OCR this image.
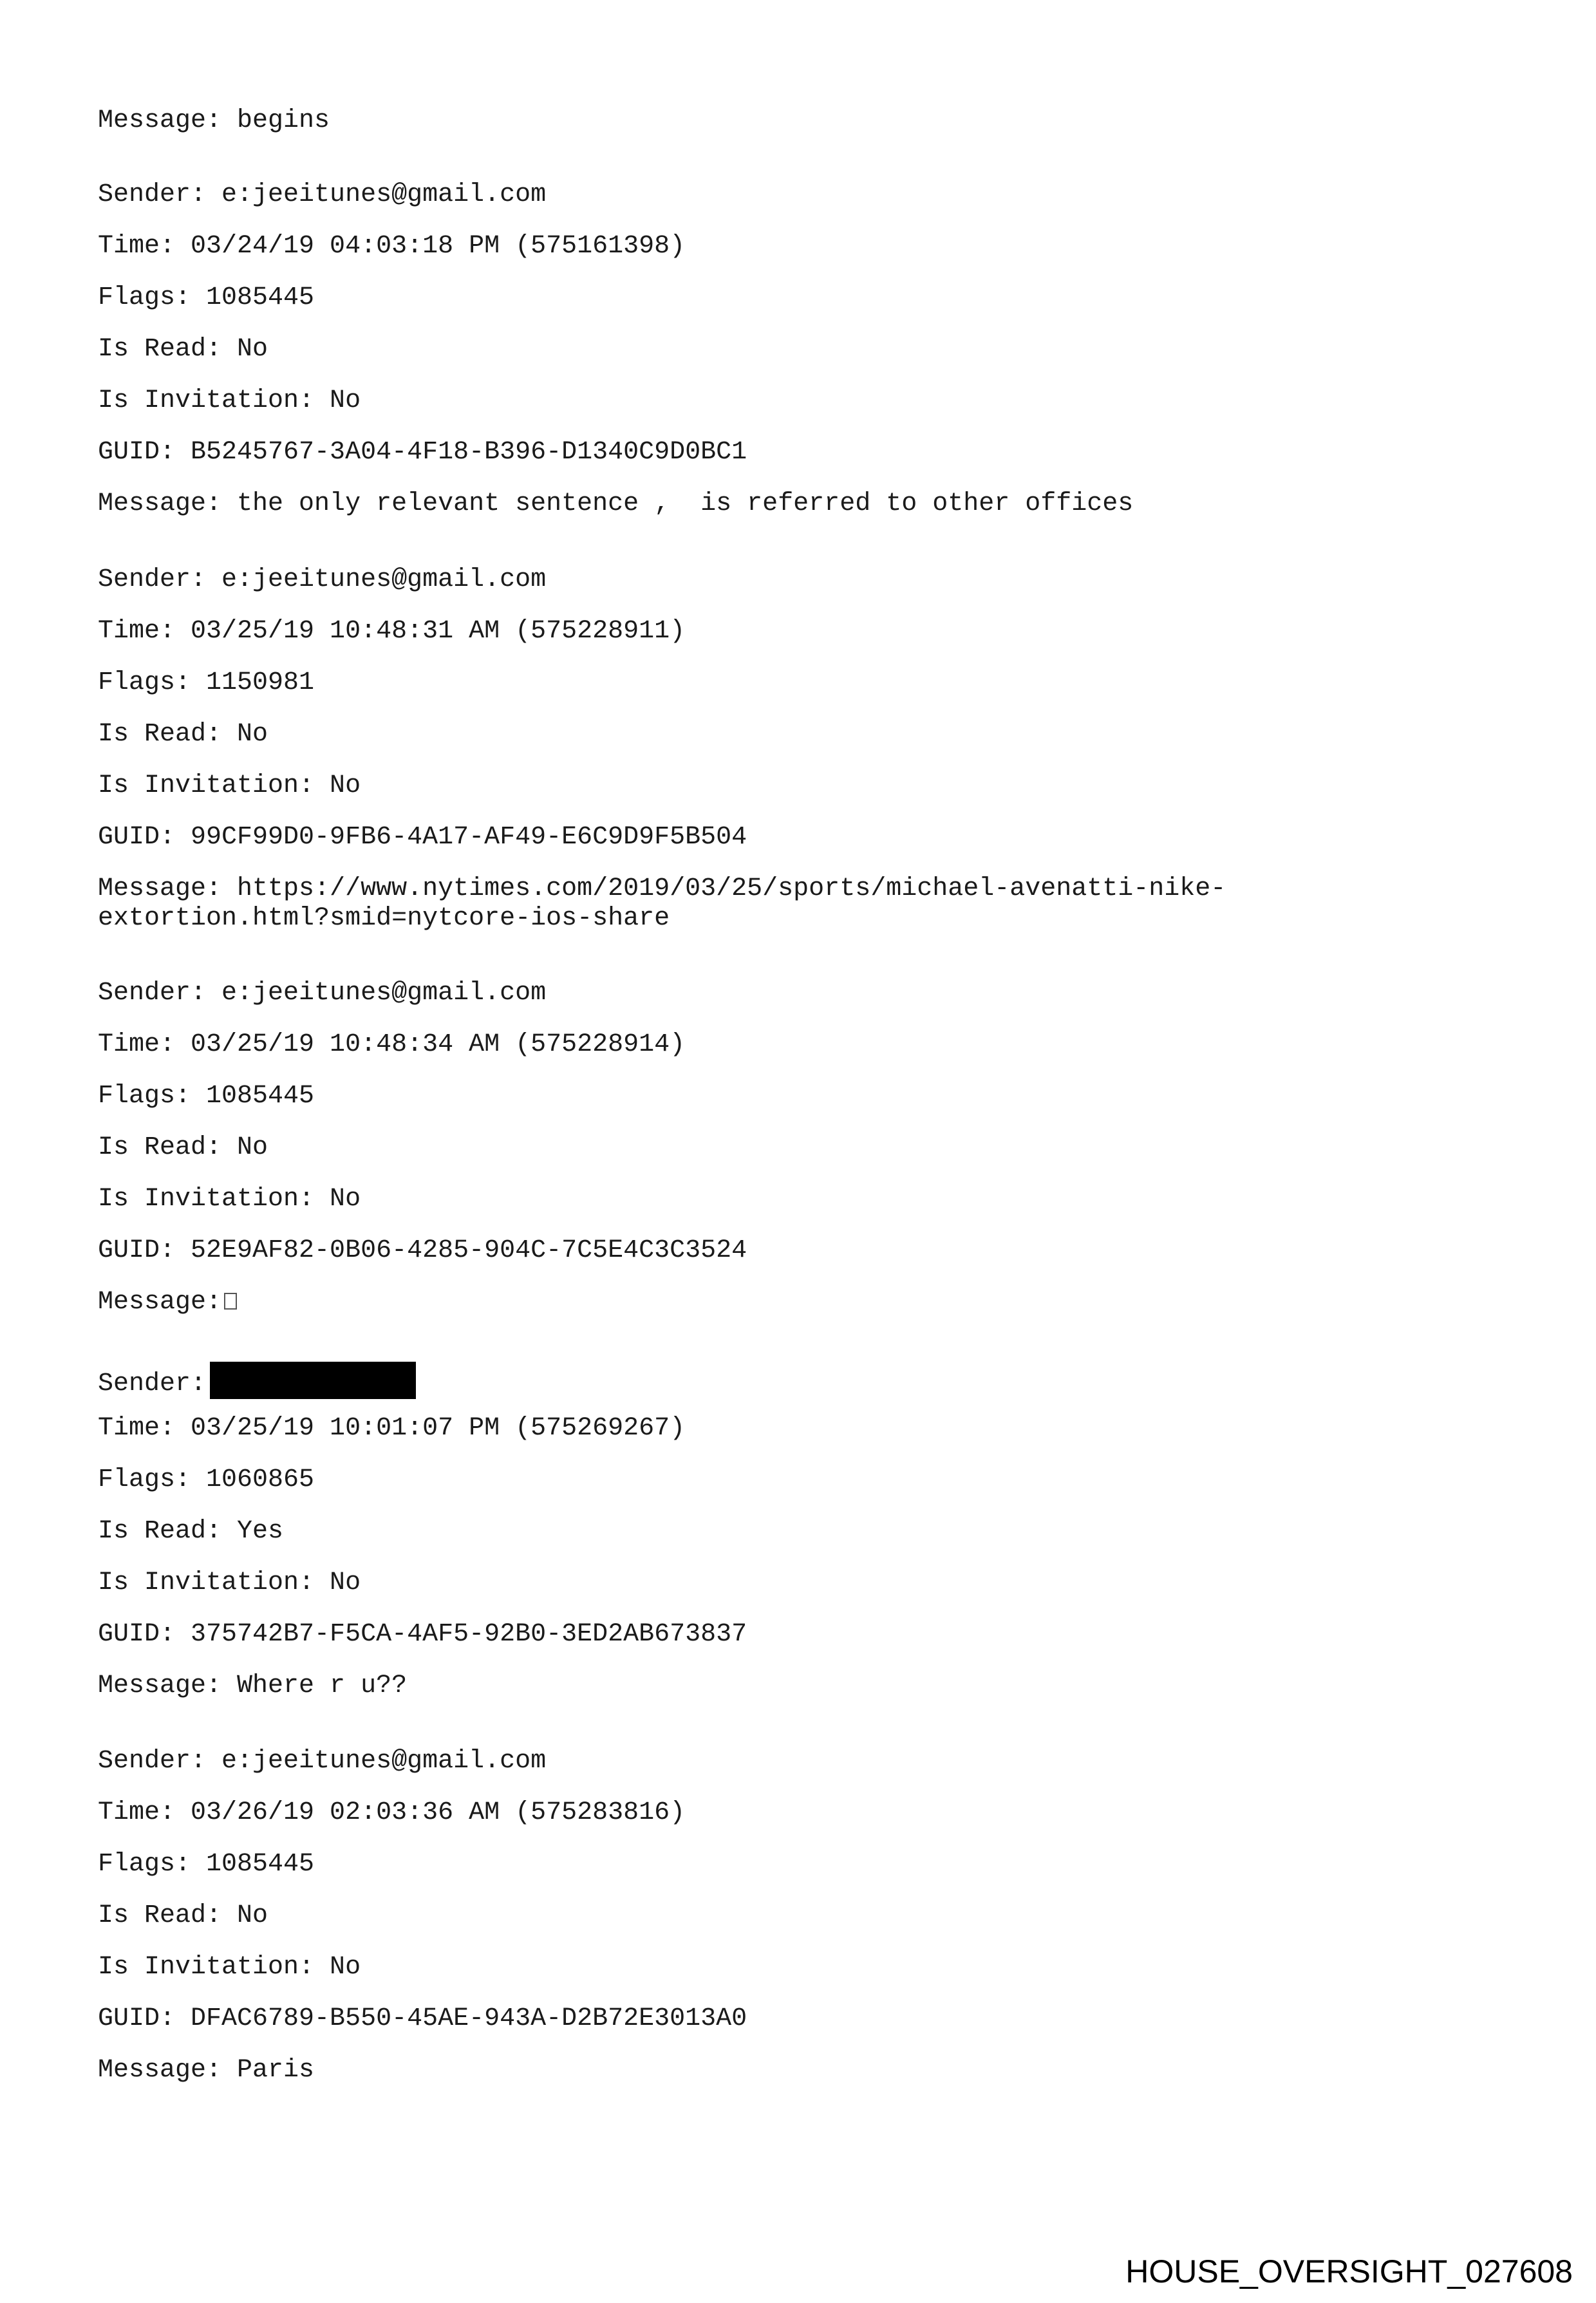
Message: begins

Sender: e:jeeitunes@gmail.com

Time: 03/24/19 04:03:18 PM (575161398)

Flags: 1085445

Is Read: No

Is Invitation: No

GUID: B5245767-3A04-4F18-B396-D1340C9D0BC1

Message: the only relevant sentence ,  is referred to other offices

Sender: e:jeeitunes@gmail.com

Time: 03/25/19 10:48:31 AM (575228911)

Flags: 1150981

Is Read: No

Is Invitation: No

GUID: 99CF99D0-9FB6-4A17-AF49-E6C9D9F5B504

Message: https://www.nytimes.com/2019/03/25/sports/michael-avenatti-nike-

extortion.html?smid=nytcore-ios-share

Sender: e:jeeitunes@gmail.com

Time: 03/25/19 10:48:34 AM (575228914)

Flags: 1085445

Is Read: No

Is Invitation: No

GUID: 52E9AF82-0B06-4285-904C-7C5E4C3C3524

Message:

Sender:

Time: 03/25/19 10:01:07 PM (575269267)

Flags: 1060865

Is Read: Yes

Is Invitation: No

GUID: 375742B7-F5CA-4AF5-92B0-3ED2AB673837

Message: Where r u??

Sender: e:jeeitunes@gmail.com

Time: 03/26/19 02:03:36 AM (575283816)

Flags: 1085445

Is Read: No

Is Invitation: No

GUID: DFAC6789-B550-45AE-943A-D2B72E3013A0

Message: Paris

HOUSE_OVERSIGHT_027608
